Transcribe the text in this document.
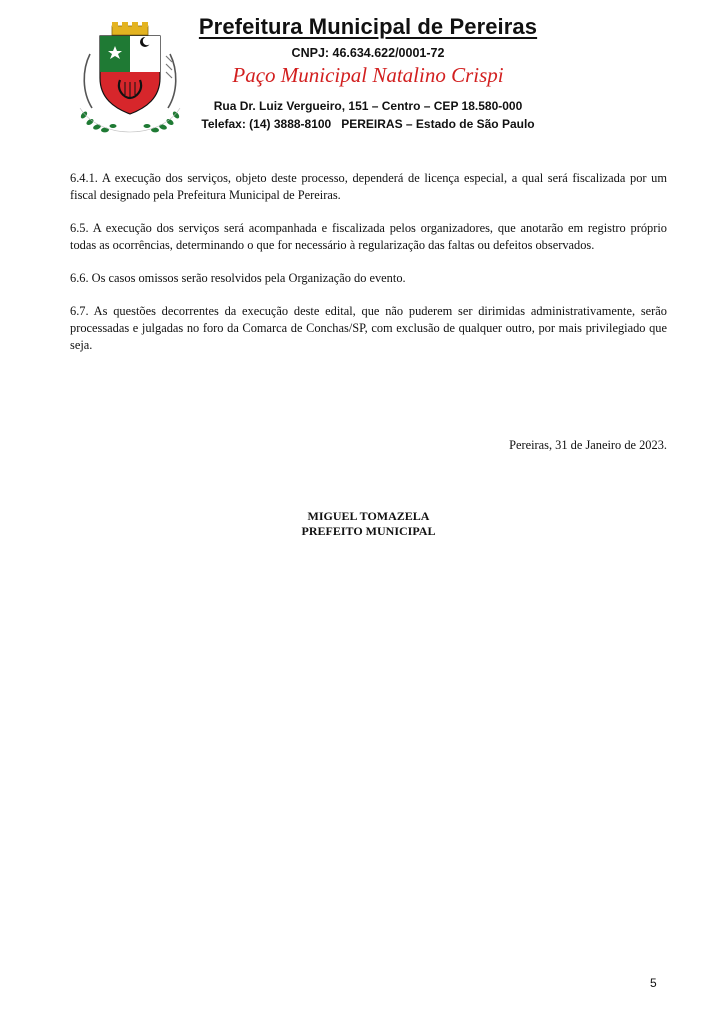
Prefeitura Municipal de Pereiras
CNPJ: 46.634.622/0001-72
Paço Municipal Natalino Crispi
Rua Dr. Luiz Vergueiro, 151 – Centro – CEP 18.580-000
Telefax: (14) 3888-8100 PEREIRAS – Estado de São Paulo

6.4.1. A execução dos serviços, objeto deste processo, dependerá de licença especial, a qual será fiscalizada por um fiscal designado pela Prefeitura Municipal de Pereiras.

6.5. A execução dos serviços será acompanhada e fiscalizada pelos organizadores, que anotarão em registro próprio todas as ocorrências, determinando o que for necessário à regularização das faltas ou defeitos observados.

6.6. Os casos omissos serão resolvidos pela Organização do evento.

6.7. As questões decorrentes da execução deste edital, que não puderem ser dirimidas administrativamente, serão processadas e julgadas no foro da Comarca de Conchas/SP, com exclusão de qualquer outro, por mais privilegiado que seja.

Pereiras, 31 de Janeiro de 2023.
MIGUEL TOMAZELA
PREFEITO MUNICIPAL
5
